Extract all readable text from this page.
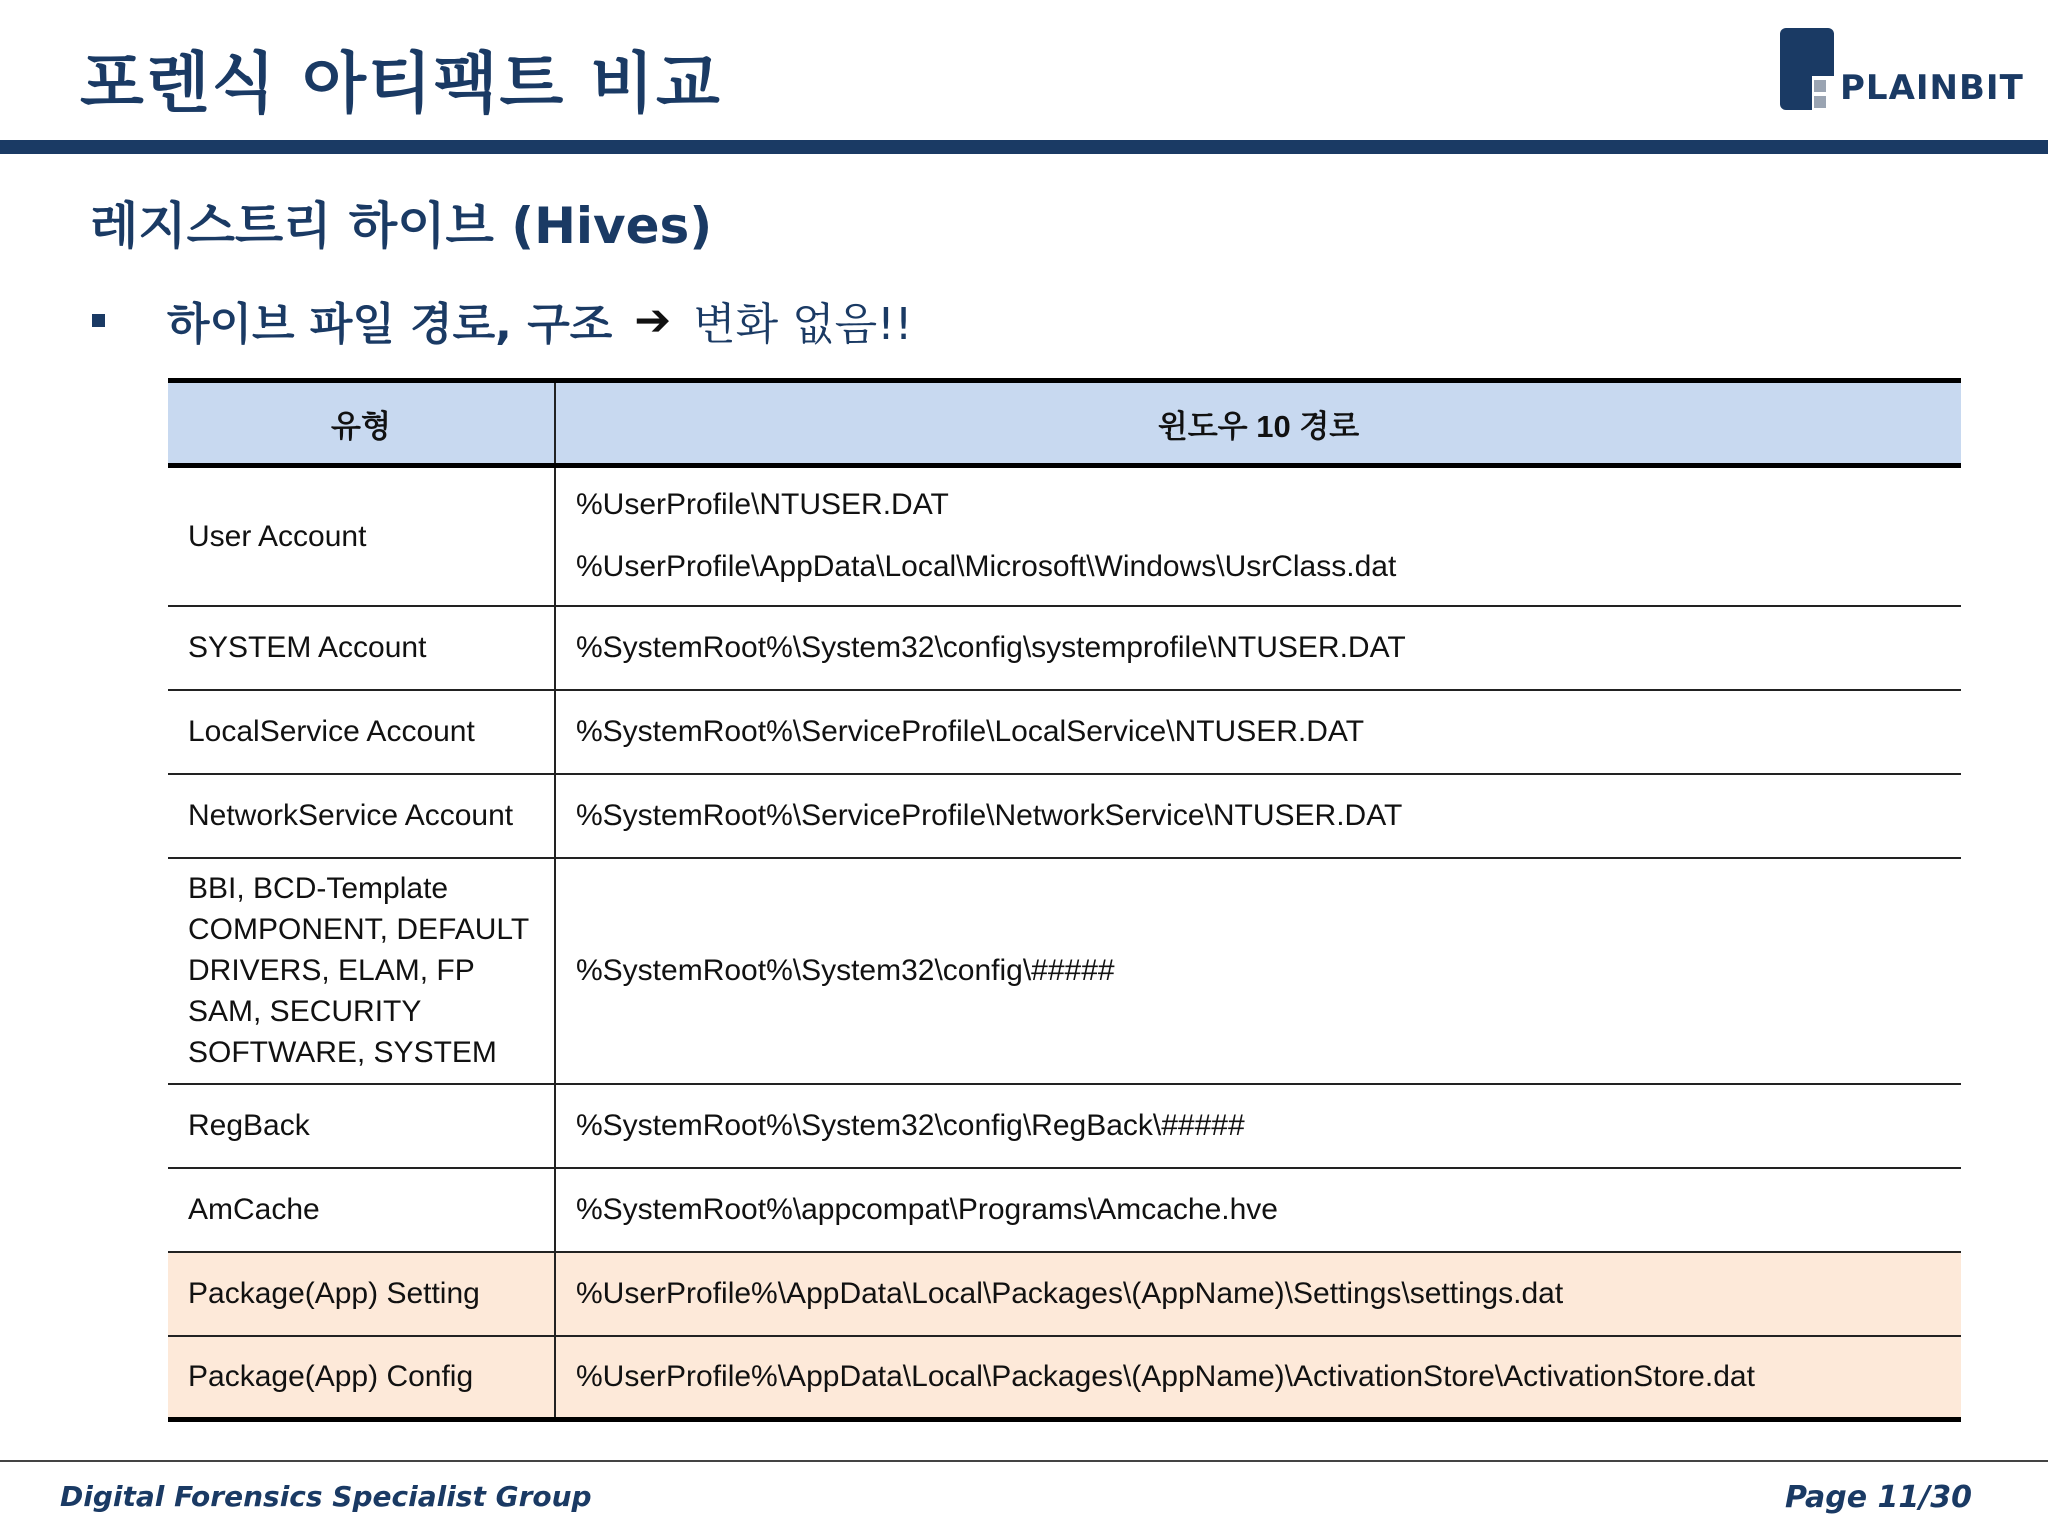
포렌식 아티팩트 비교	PLAINBIT
레지스트리 하이브 (Hives)
하이브 파일 경로, 구조 ➔ 변화 없음!!
유형	윈도우 10 경로

User Account	%UserProfile\NTUSER.DAT
%UserProfile\AppData\Local\Microsoft\Windows\UsrClass.dat

SYSTEM Account	%SystemRoot%\System32\config\systemprofile\NTUSER.DAT
LocalService Account	%SystemRoot%\ServiceProfile\LocalService\NTUSER.DAT
NetworkService Account	%SystemRoot%\ServiceProfile\NetworkService\NTUSER.DAT

BBI, BCD-Template
COMPONENT, DEFAULT
DRIVERS, ELAM, FP
SAM, SECURITY
SOFTWARE, SYSTEM	%SystemRoot%\System32\config\#####
RegBack	%SystemRoot%\System32\config\RegBack\#####
AmCache	%SystemRoot%\appcompat\Programs\Amcache.hve
Package(App) Setting	%UserProfile%\AppData\Local\Packages\(AppName)\Settings\settings.dat
Package(App) Config	%UserProfile%\AppData\Local\Packages\(AppName)\ActivationStore\ActivationStore.dat
Digital Forensics Specialist Group	Page 11/30
